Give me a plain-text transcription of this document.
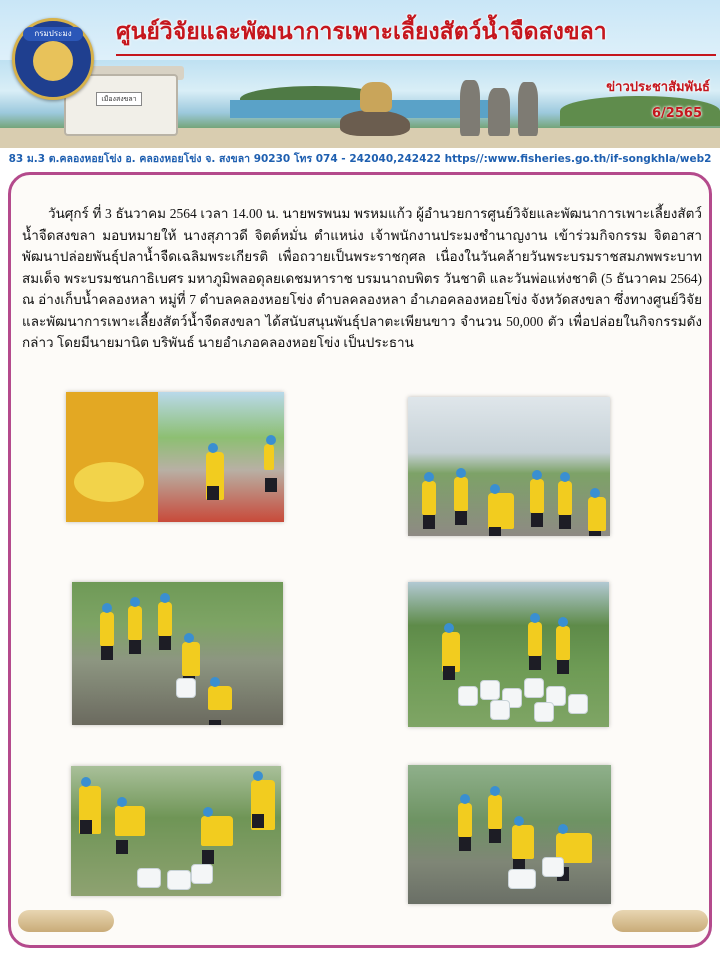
เมืองสงขลา
กรมประมง	ศูนย์วิจัยและพัฒนาการเพาะเลี้ยงสัตว์น้ำจืดสงขลา
ข่าวประชาสัมพันธ์
6/2565
83 ม.3 ต.คลองหอยโข่ง อ. คลองหอยโข่ง จ. สงขลา 90230 โทร 074 - 242040,242422 https//:www.fisheries.go.th/if-songkhla/web2
วันศุกร์ ที่ 3 ธันวาคม 2564 เวลา 14.00 น. นายพรพนม พรหมแก้ว ผู้อำนวยการศูนย์วิจัยและพัฒนาการเพาะเลี้ยงสัตว์น้ำจืดสงขลา มอบหมายให้ นางสุภาวดี จิตต์หมั่น ตำแหน่ง เจ้าพนักงานประมงชำนาญงาน เข้าร่วมกิจกรรม จิตอาสาพัฒนาปล่อยพันธุ์ปลาน้ำจืดเฉลิมพระเกียรติ เพื่อถวายเป็นพระราชกุศล เนื่องในวันคล้ายวันพระบรมราชสมภพพระบาทสมเด็จ พระบรมชนกาธิเบศร มหาภูมิพลอดุลยเดชมหาราช บรมนาถบพิตร วันชาติ และวันพ่อแห่งชาติ (5 ธันวาคม 2564) ณ อ่างเก็บน้ำคลองหลา หมู่ที่ 7 ตำบลคลองหอยโข่ง ตำบลคลองหลา อำเภอคลองหอยโข่ง จังหวัดสงขลา ซึ่งทางศูนย์วิจัยและพัฒนาการเพาะเลี้ยงสัตว์น้ำจืดสงขลา ได้สนับสนุนพันธุ์ปลาตะเพียนขาว จำนวน 50,000 ตัว เพื่อปล่อยในกิจกรรมดังกล่าว โดยมีนายมานิต บริพันธ์ นายอำเภอคลองหอยโข่ง เป็นประธาน
